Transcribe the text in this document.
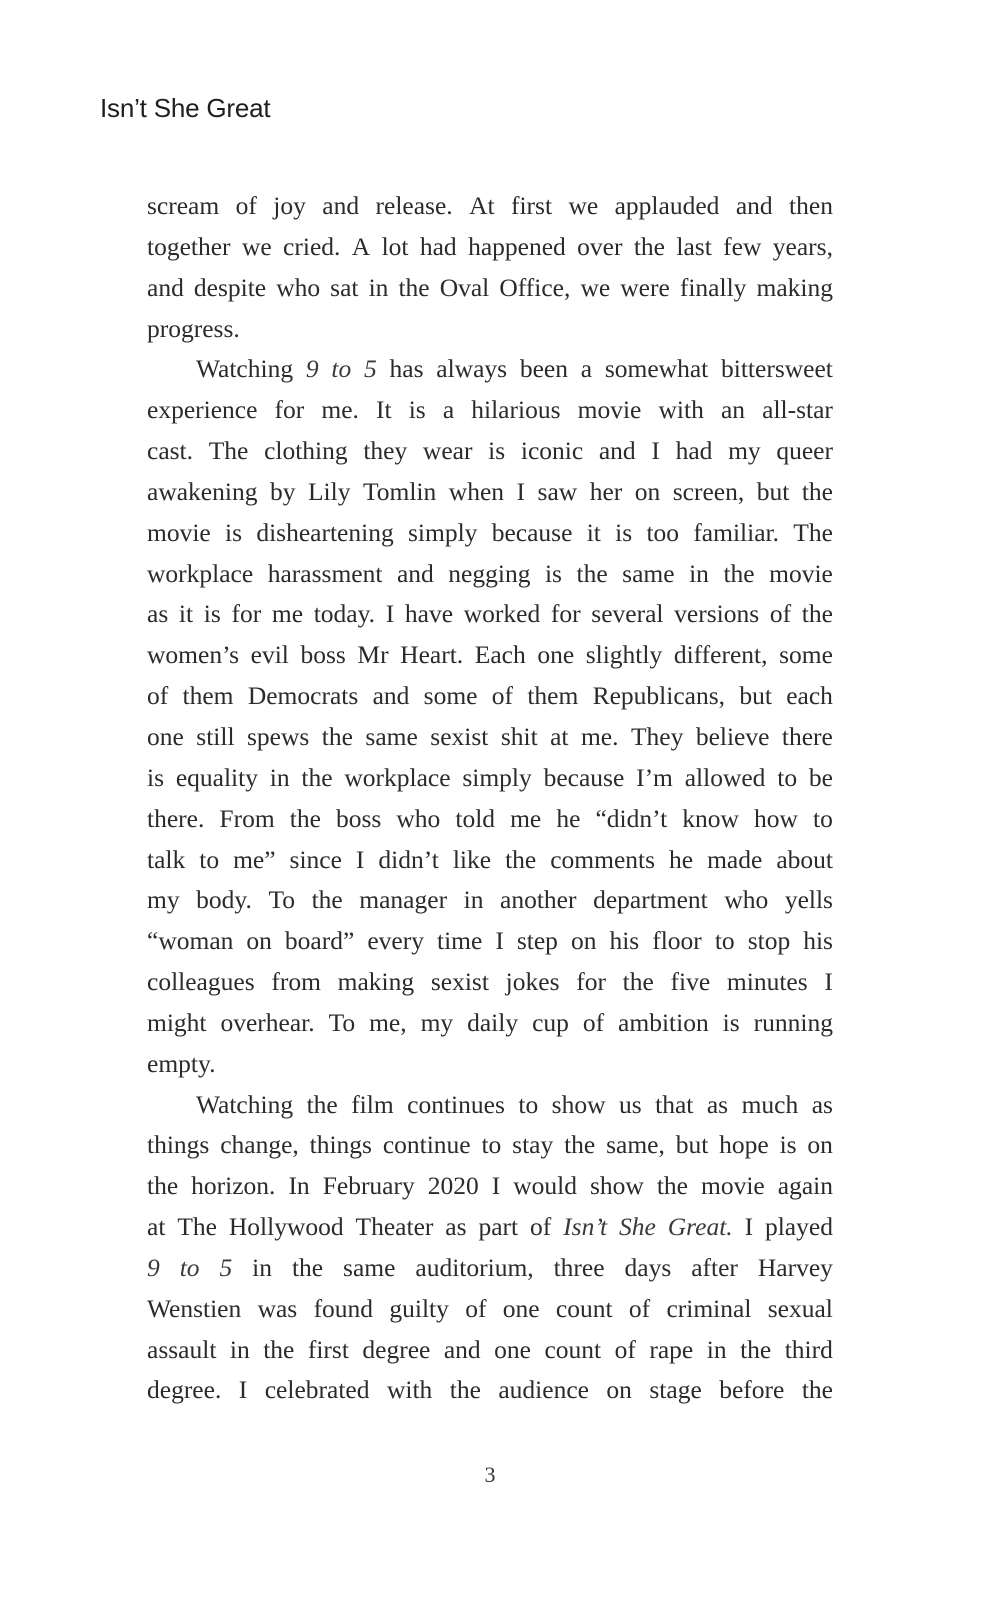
Isn’t She Great
scream of joy and release. At first we applauded and then
together we cried. A lot had happened over the last few years,
and despite who sat in the Oval Office, we were finally making
progress.
Watching 9 to 5 has always been a somewhat bittersweet
experience for me. It is a hilarious movie with an all-star
cast. The clothing they wear is iconic and I had my queer
awakening by Lily Tomlin when I saw her on screen, but the
movie is disheartening simply because it is too familiar. The
workplace harassment and negging is the same in the movie
as it is for me today. I have worked for several versions of the
women’s evil boss Mr Heart. Each one slightly different, some
of them Democrats and some of them Republicans, but each
one still spews the same sexist shit at me. They believe there
is equality in the workplace simply because I’m allowed to be
there. From the boss who told me he “didn’t know how to
talk to me” since I didn’t like the comments he made about
my body. To the manager in another department who yells
“woman on board” every time I step on his floor to stop his
colleagues from making sexist jokes for the five minutes I
might overhear. To me, my daily cup of ambition is running
empty.
Watching the film continues to show us that as much as
things change, things continue to stay the same, but hope is on
the horizon. In February 2020 I would show the movie again
at The Hollywood Theater as part of Isn’t She Great. I played
9 to 5 in the same auditorium, three days after Harvey
Wenstien was found guilty of one count of criminal sexual
assault in the first degree and one count of rape in the third
degree. I celebrated with the audience on stage before the
3
